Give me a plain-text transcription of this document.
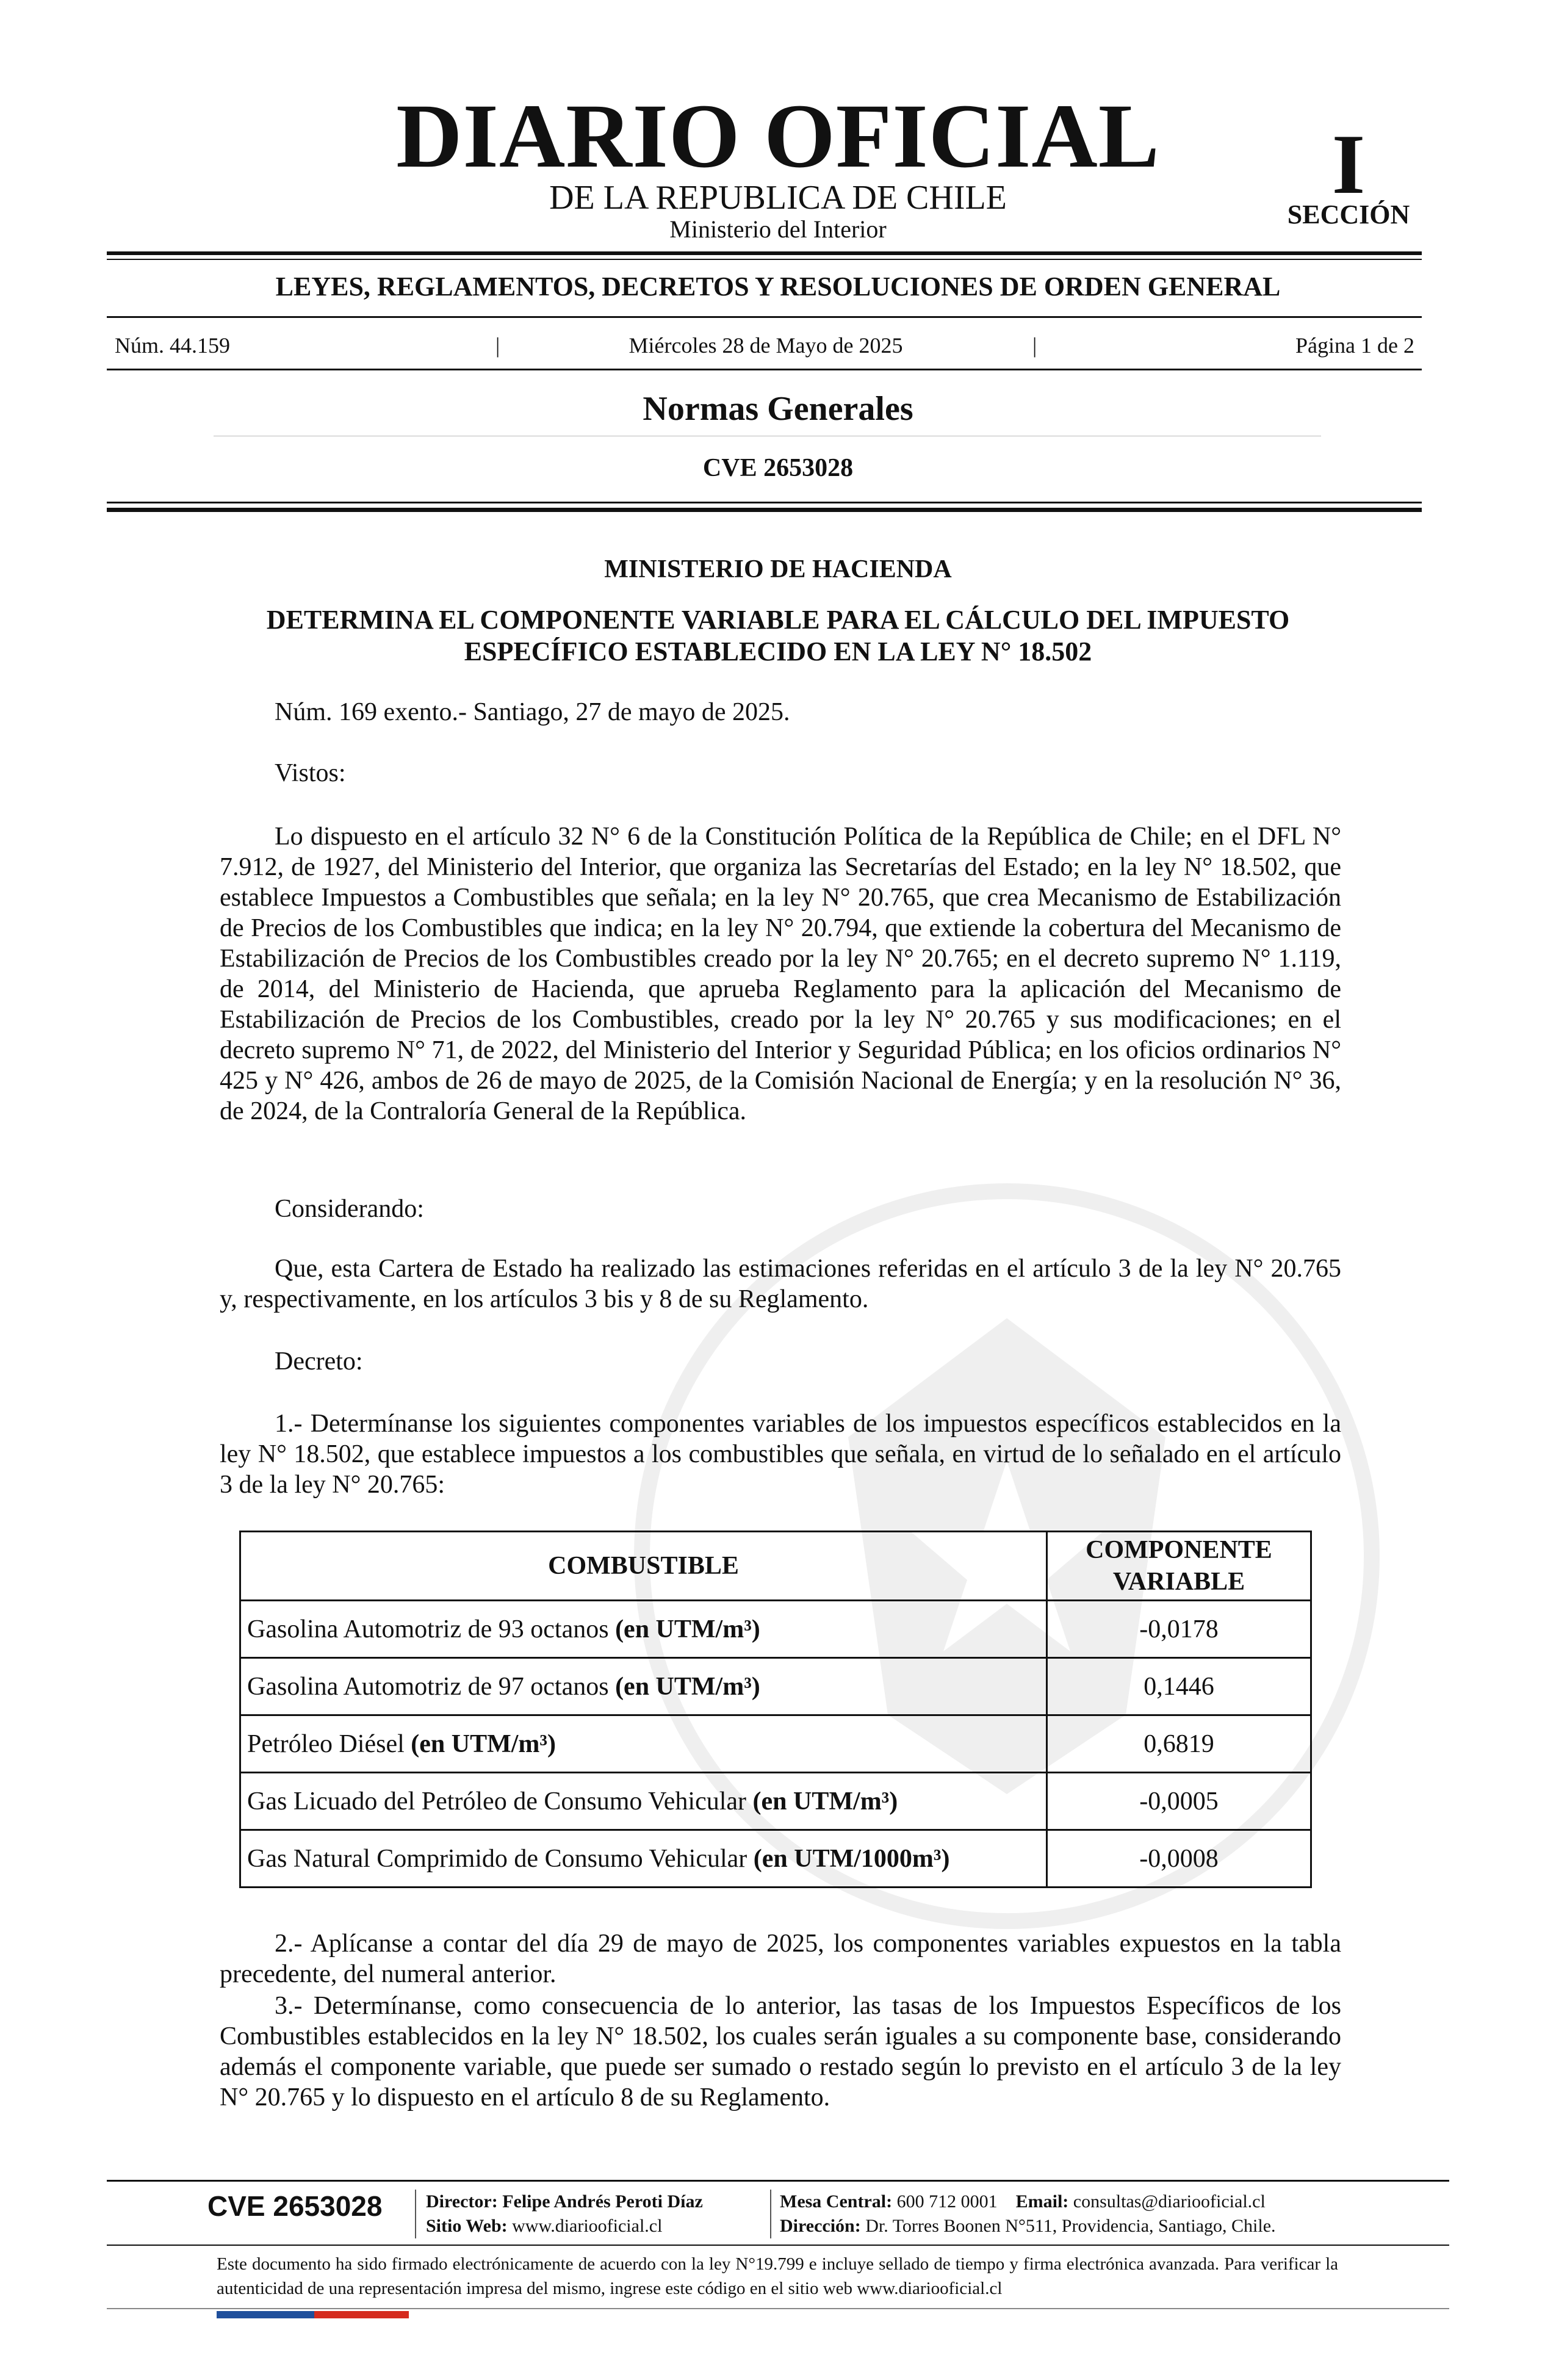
DIARIO OFICIAL
DE LA REPUBLICA DE CHILE
Ministerio del Interior
I
SECCIÓN
LEYES, REGLAMENTOS, DECRETOS Y RESOLUCIONES DE ORDEN GENERAL
Núm. 44.159	|	Miércoles 28 de Mayo de 2025	|	Página 1 de 2
Normas Generales
CVE 2653028
MINISTERIO DE HACIENDA
DETERMINA EL COMPONENTE VARIABLE PARA EL CÁLCULO DEL IMPUESTO ESPECÍFICO ESTABLECIDO EN LA LEY N° 18.502
Núm. 169 exento.- Santiago, 27 de mayo de 2025.
Vistos:
Lo dispuesto en el artículo 32 N° 6 de la Constitución Política de la República de Chile; en el DFL N° 7.912, de 1927, del Ministerio del Interior, que organiza las Secretarías del Estado; en la ley N° 18.502, que establece Impuestos a Combustibles que señala; en la ley N° 20.765, que crea Mecanismo de Estabilización de Precios de los Combustibles que indica; en la ley N° 20.794, que extiende la cobertura del Mecanismo de Estabilización de Precios de los Combustibles creado por la ley N° 20.765; en el decreto supremo N° 1.119, de 2014, del Ministerio de Hacienda, que aprueba Reglamento para la aplicación del Mecanismo de Estabilización de Precios de los Combustibles, creado por la ley N° 20.765 y sus modificaciones; en el decreto supremo N° 71, de 2022, del Ministerio del Interior y Seguridad Pública; en los oficios ordinarios N° 425 y N° 426, ambos de 26 de mayo de 2025, de la Comisión Nacional de Energía; y en la resolución N° 36, de 2024, de la Contraloría General de la República.
Considerando:
Que, esta Cartera de Estado ha realizado las estimaciones referidas en el artículo 3 de la ley N° 20.765 y, respectivamente, en los artículos 3 bis y 8 de su Reglamento.
Decreto:
1.- Determínanse los siguientes componentes variables de los impuestos específicos establecidos en la ley N° 18.502, que establece impuestos a los combustibles que señala, en virtud de lo señalado en el artículo 3 de la ley N° 20.765:
COMBUSTIBLE	COMPONENTE VARIABLE
Gasolina Automotriz de 93 octanos (en UTM/m³)	-0,0178
Gasolina Automotriz de 97 octanos (en UTM/m³)	0,1446
Petróleo Diésel (en UTM/m³)	0,6819
Gas Licuado del Petróleo de Consumo Vehicular (en UTM/m³)	-0,0005
Gas Natural Comprimido de Consumo Vehicular (en UTM/1000m³)	-0,0008
2.- Aplícanse a contar del día 29 de mayo de 2025, los componentes variables expuestos en la tabla precedente, del numeral anterior.
3.- Determínanse, como consecuencia de lo anterior, las tasas de los Impuestos Específicos de los Combustibles establecidos en la ley N° 18.502, los cuales serán iguales a su componente base, considerando además el componente variable, que puede ser sumado o restado según lo previsto en el artículo 3 de la ley N° 20.765 y lo dispuesto en el artículo 8 de su Reglamento.
CVE 2653028 Director: Felipe Andrés Peroti Díaz
Sitio Web: www.diariooficial.cl
Mesa Central: 600 712 0001 Email: consultas@diariooficial.cl
Dirección: Dr. Torres Boonen N°511, Providencia, Santiago, Chile.
Este documento ha sido firmado electrónicamente de acuerdo con la ley N°19.799 e incluye sellado de tiempo y firma electrónica avanzada. Para verificar la autenticidad de una representación impresa del mismo, ingrese este código en el sitio web www.diariooficial.cl
